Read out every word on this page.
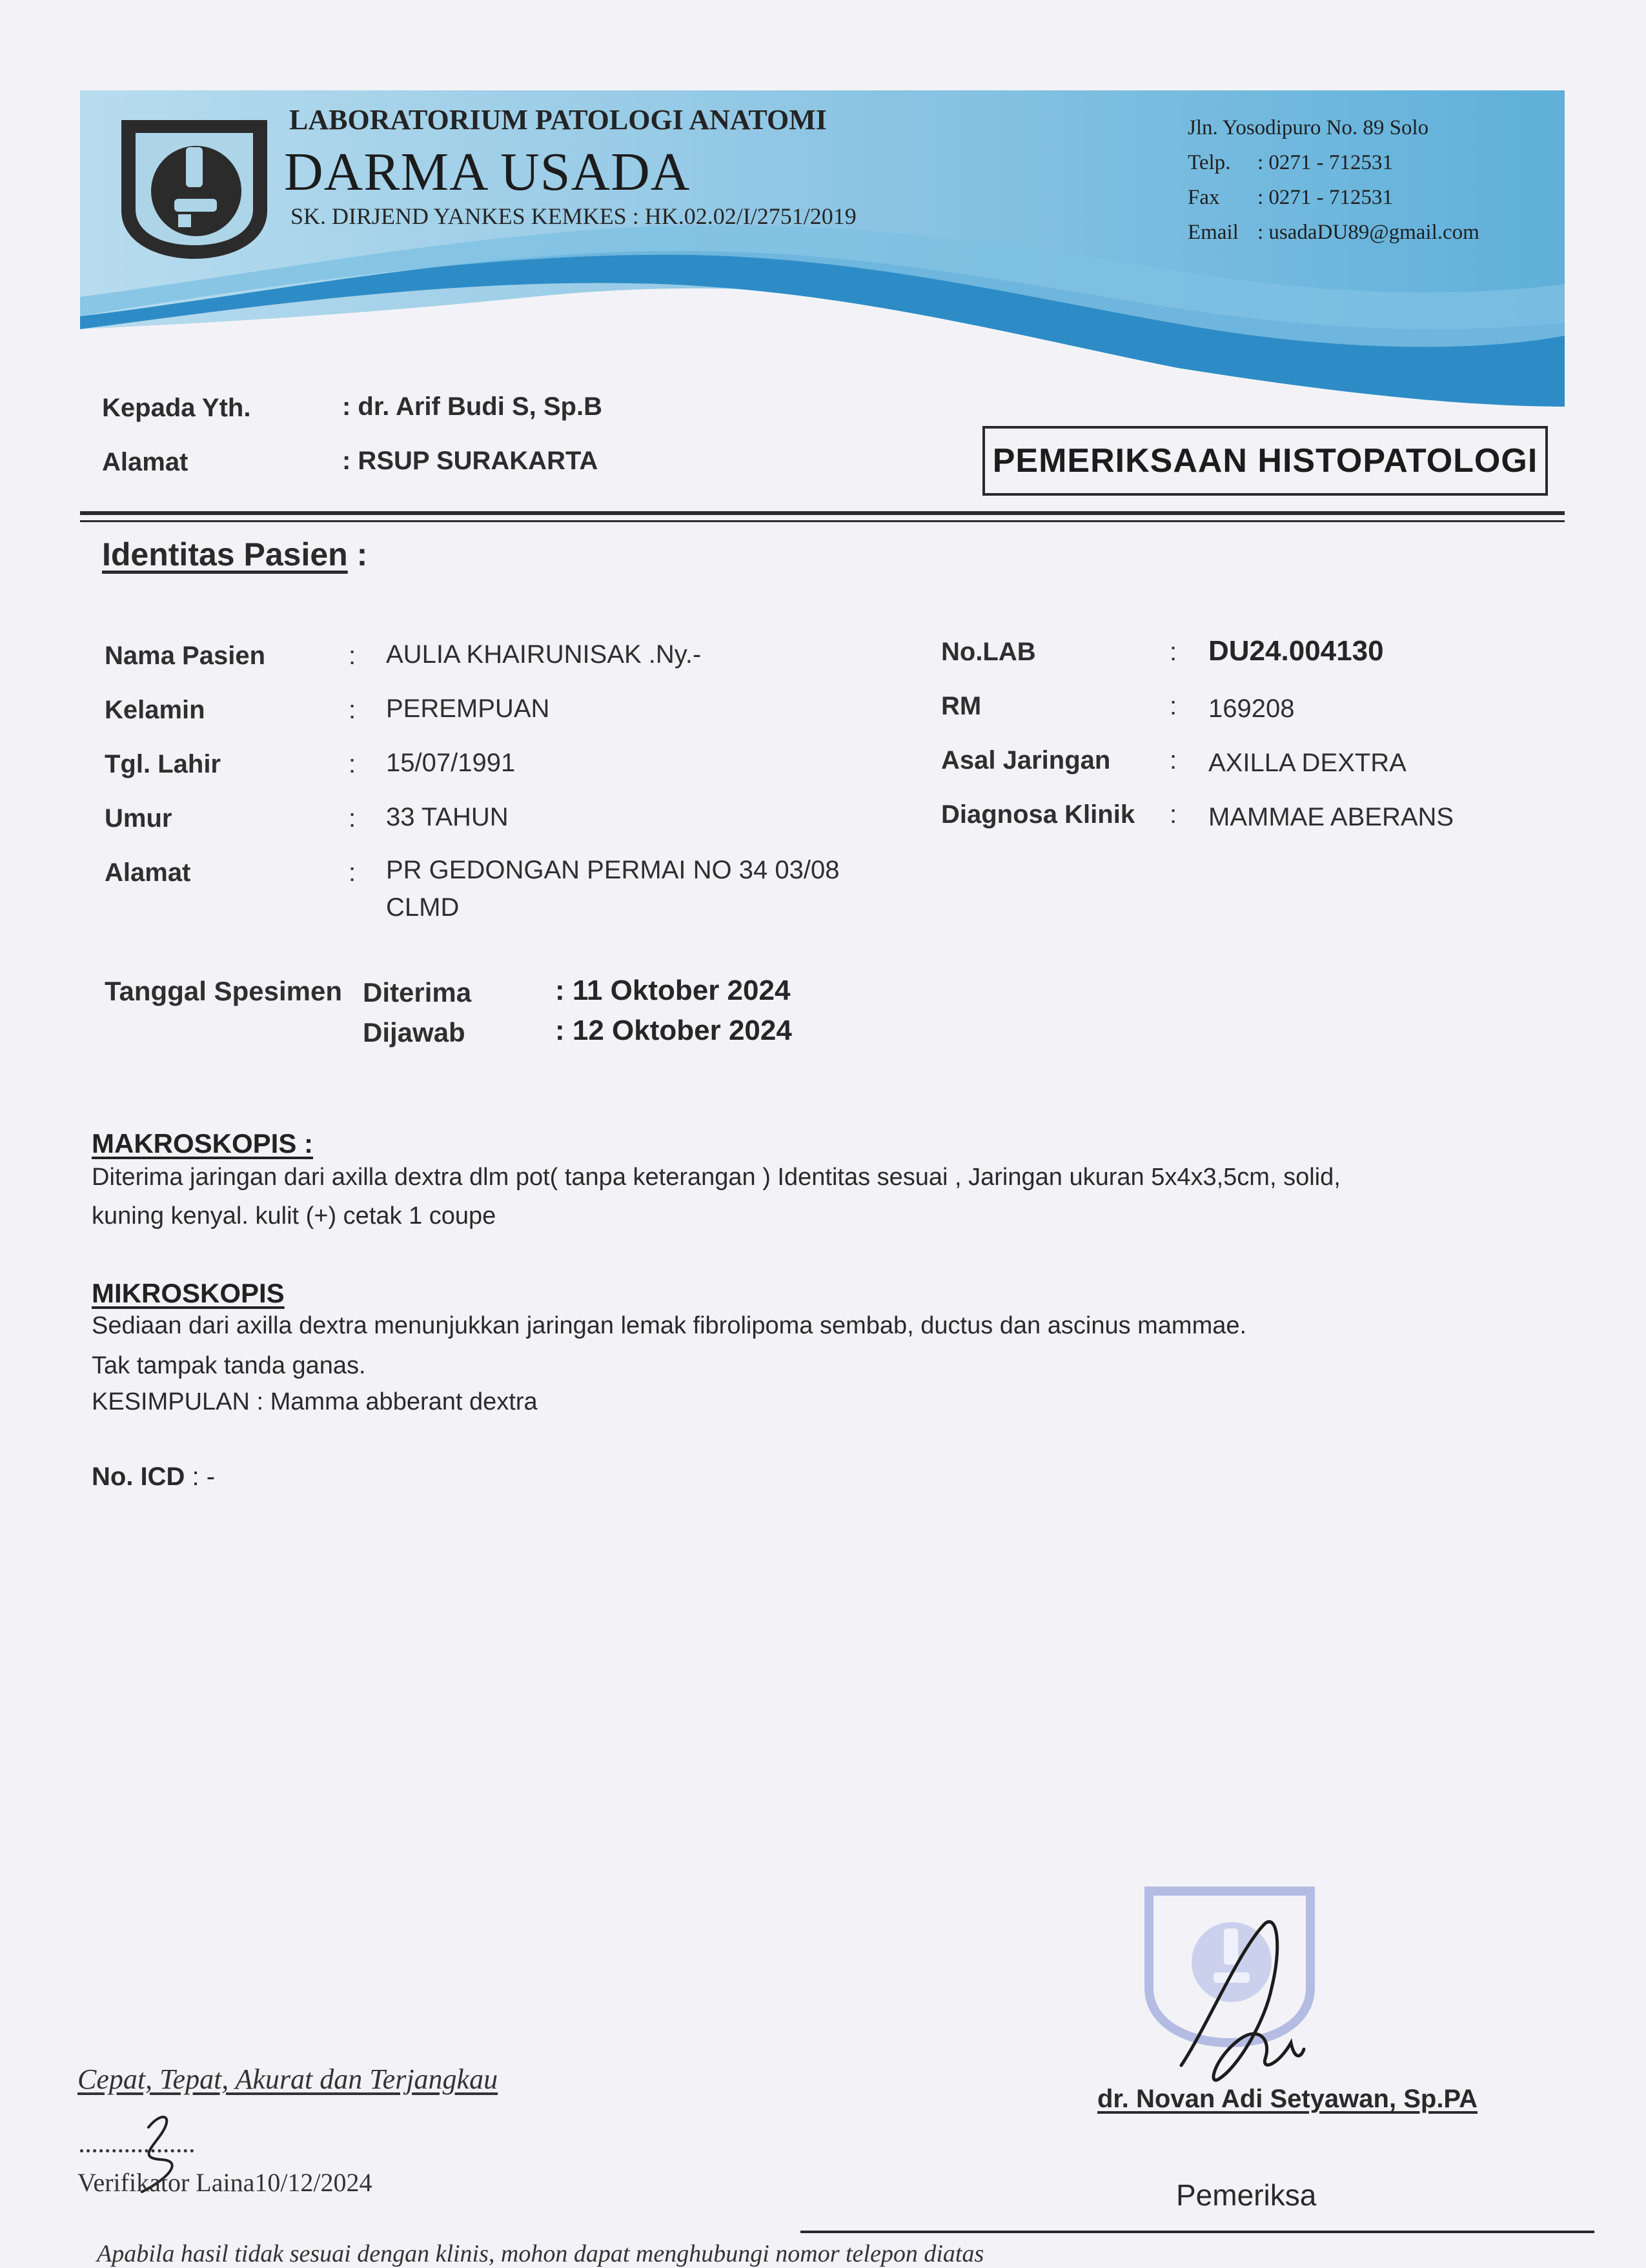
LABORATORIUM PATOLOGI ANATOMI
DARMA USADA
SK. DIRJEND YANKES KEMKES : HK.02.02/I/2751/2019
Jln. Yosodipuro No. 89 Solo
Telp. : 0271 - 712531
Fax : 0271 - 712531
Email : usadaDU89@gmail.com
Kepada Yth.	: dr. Arif Budi S, Sp.B
Alamat	: RSUP SURAKARTA	PEMERIKSAAN HISTOPATOLOGI
Identitas Pasien :
Nama Pasien	: AULIA KHAIRUNISAK .Ny.-
Kelamin	: PEREMPUAN
Tgl. Lahir	: 15/07/1991
Umur	: 33 TAHUN
Alamat	: PR GEDONGAN PERMAI NO 34 03/08
CLMD
No.LAB	: DU24.004130
RM	: 169208
Asal Jaringan : AXILLA DEXTRA
Diagnosa Klinik : MAMMAE ABERANS
Tanggal Spesimen Diterima	: 11 Oktober 2024
Dijawab	: 12 Oktober 2024
MAKROSKOPIS :
Diterima jaringan dari axilla dextra dlm pot( tanpa keterangan ) Identitas sesuai , Jaringan ukuran 5x4x3,5cm, solid,
kuning kenyal. kulit (+) cetak 1 coupe
MIKROSKOPIS
Sediaan dari axilla dextra menunjukkan jaringan lemak fibrolipoma sembab, ductus dan ascinus mammae.
Tak tampak tanda ganas.
KESIMPULAN : Mamma abberant dextra
No. ICD : -
Cepat, Tepat, Akurat dan Terjangkau
Verifikator Laina10/12/2024
dr. Novan Adi Setyawan, Sp.PA
Pemeriksa
Apabila hasil tidak sesuai dengan klinis, mohon dapat menghubungi nomor telepon diatas
